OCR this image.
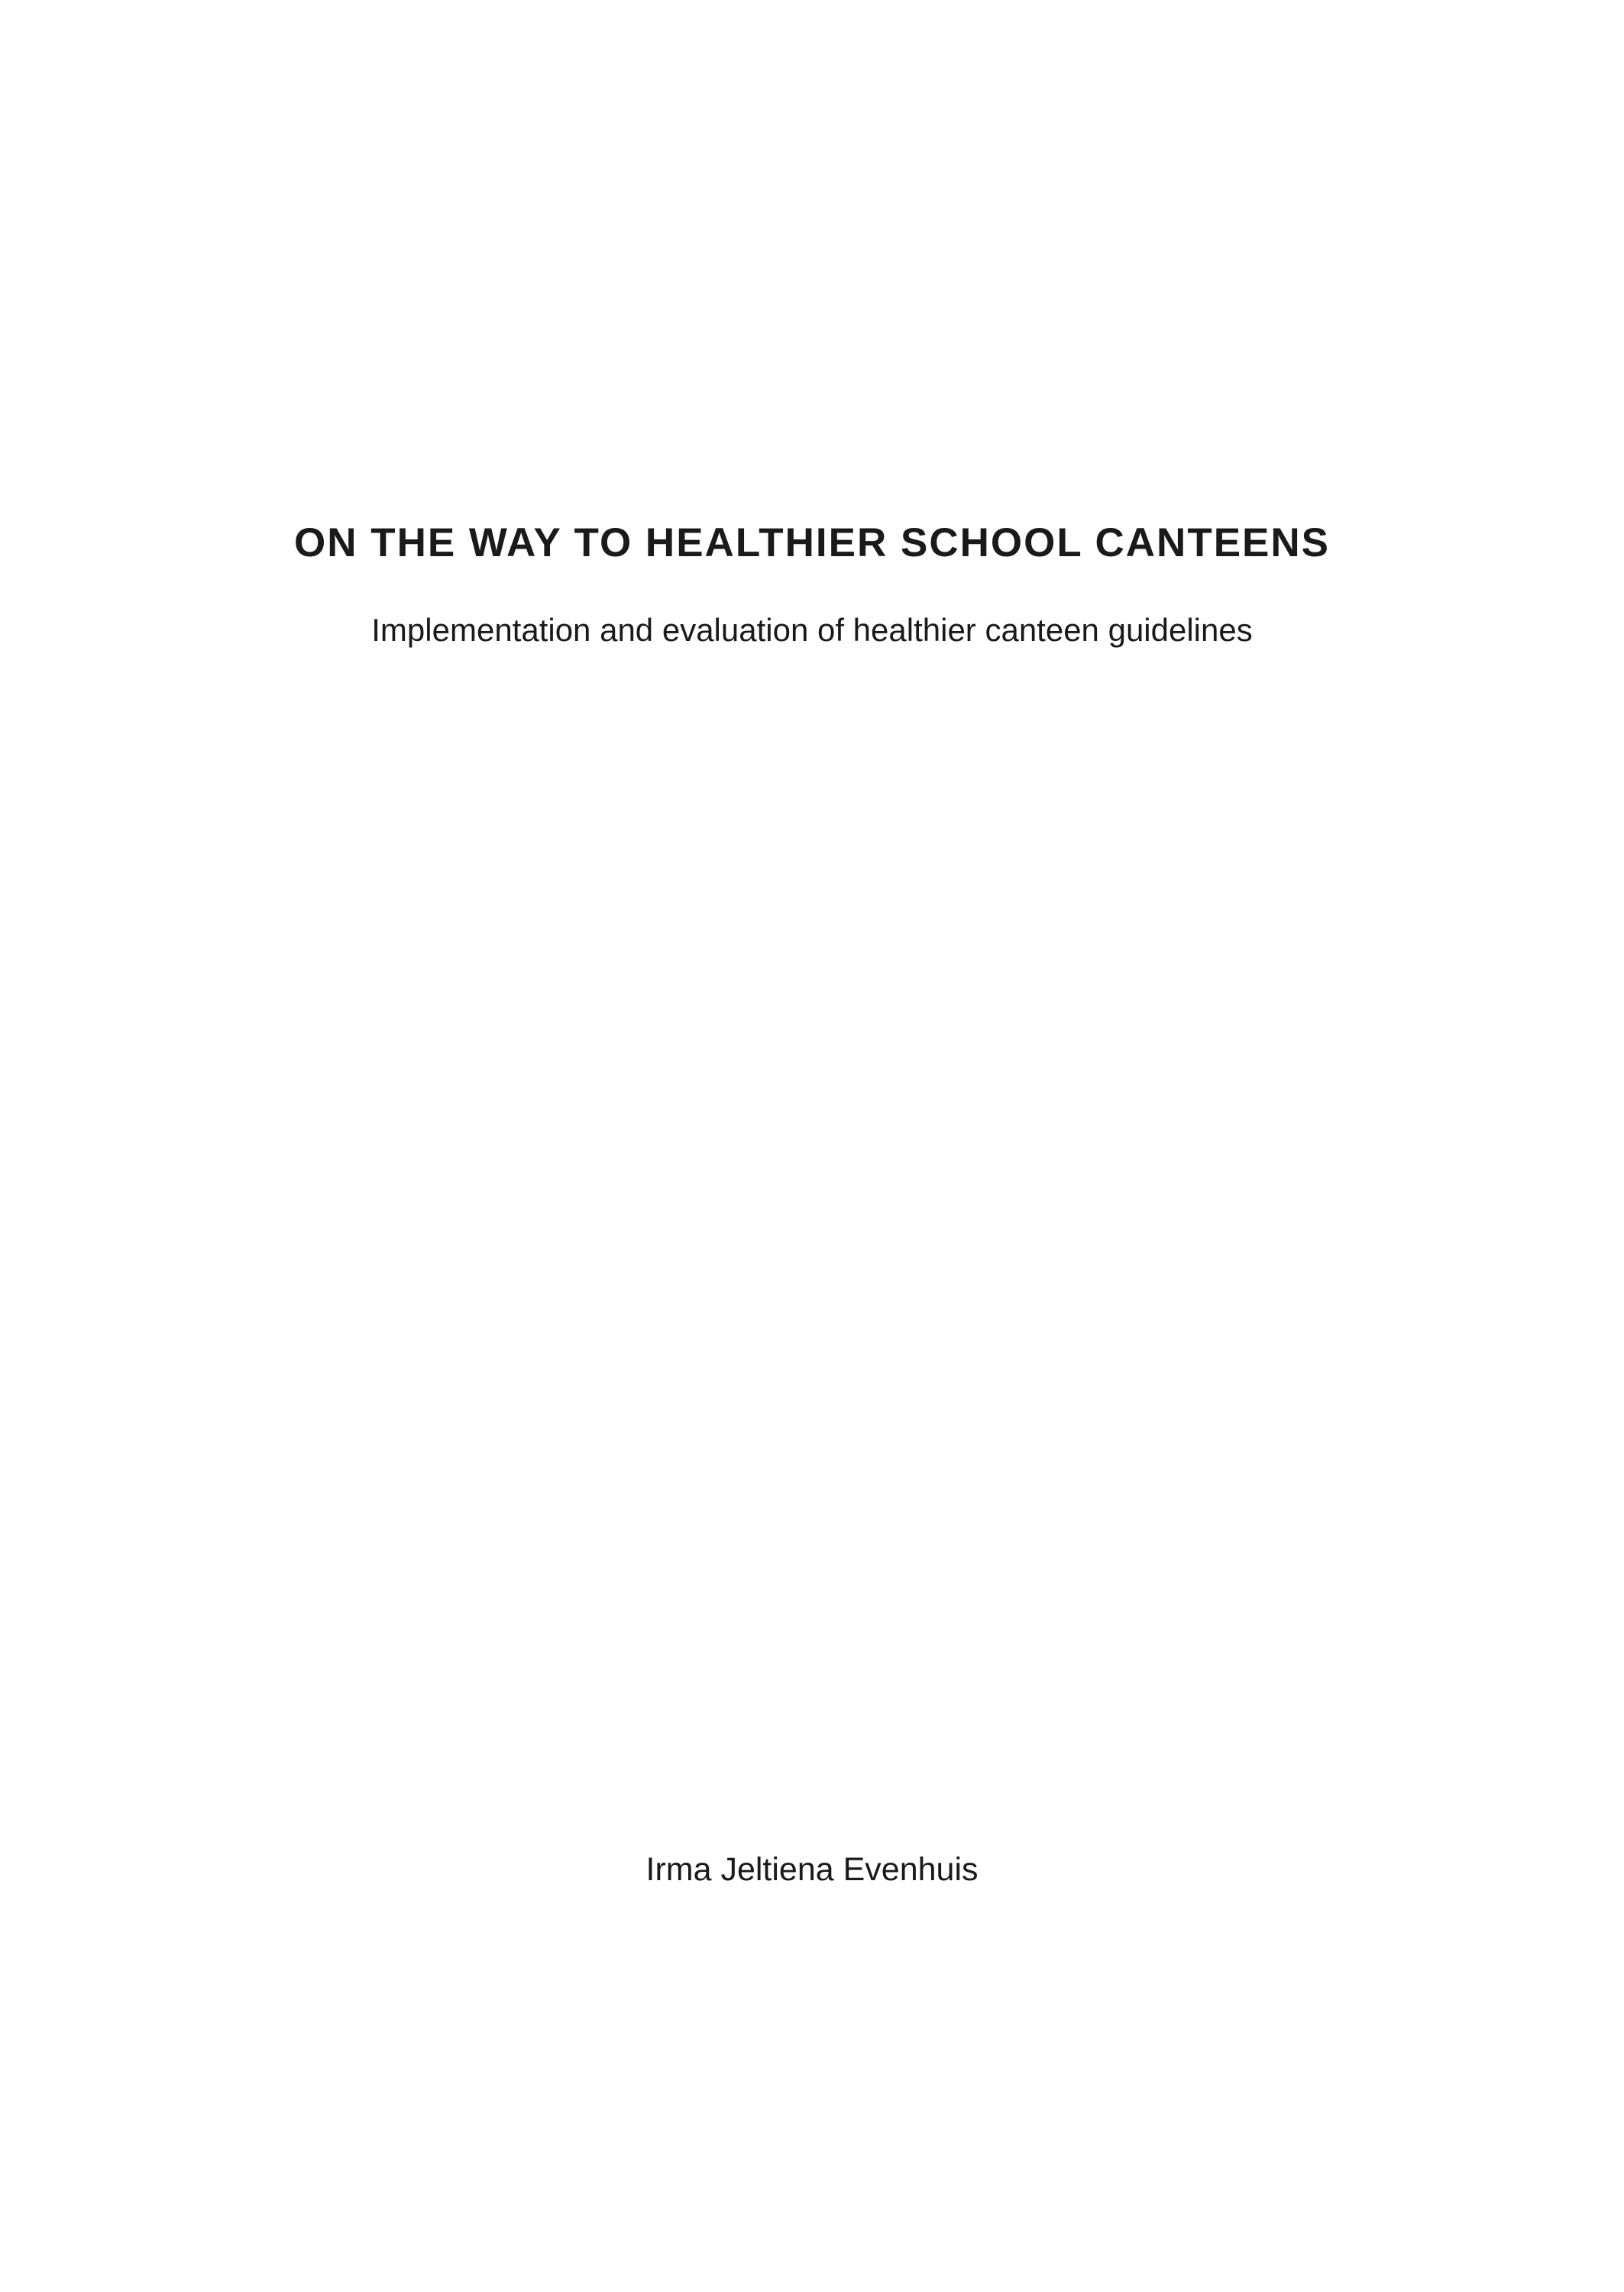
ON THE WAY TO HEALTHIER SCHOOL CANTEENS
Implementation and evaluation of healthier canteen guidelines
Irma Jeltiena Evenhuis
